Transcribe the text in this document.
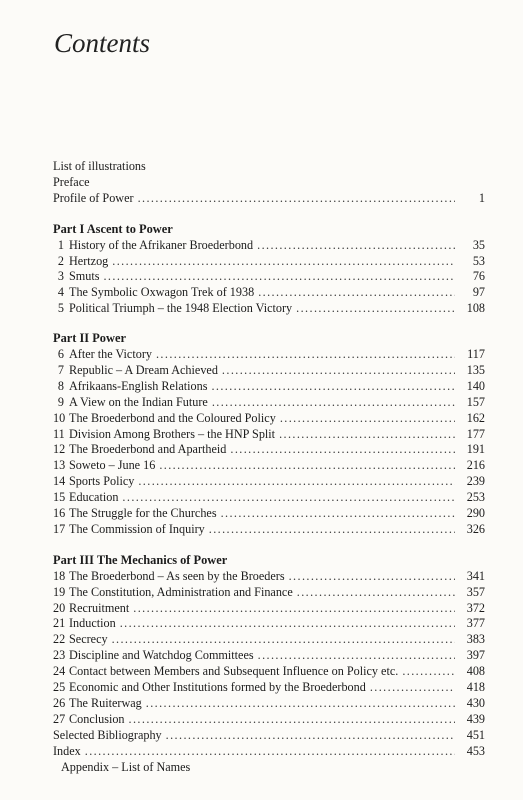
Contents
List of illustrations
Preface
Profile of Power .....	1
Part I Ascent to Power
1 History of the Afrikaner Broederbond .....	35
2 Hertzog .....	53
3 Smuts .....	76
4 The Symbolic Oxwagon Trek of 1938 .....	97
5 Political Triumph – the 1948 Election Victory .....	108
Part II Power
6 After the Victory .....	117
7 Republic – A Dream Achieved .....	135
8 Afrikaans-English Relations .....	140
9 A View on the Indian Future .....	157
10 The Broederbond and the Coloured Policy .....	162
11 Division Among Brothers – the HNP Split .....	177
12 The Broederbond and Apartheid .....	191
13 Soweto – June 16 .....	216
14 Sports Policy .....	239
15 Education .....	253
16 The Struggle for the Churches .....	290
17 The Commission of Inquiry .....	326
Part III The Mechanics of Power
18 The Broederbond – As seen by the Broeders .....	341
19 The Constitution, Administration and Finance .....	357
20 Recruitment .....	372
21 Induction .....	377
22 Secrecy .....	383
23 Discipline and Watchdog Committees .....	397
24 Contact between Members and Subsequent Influence on Policy etc. .....	408
25 Economic and Other Institutions formed by the Broederbond .....	418
26 The Ruiterwag .....	430
27 Conclusion .....	439
Selected Bibliography .....	451
Index .....	453
Appendix – List of Names
